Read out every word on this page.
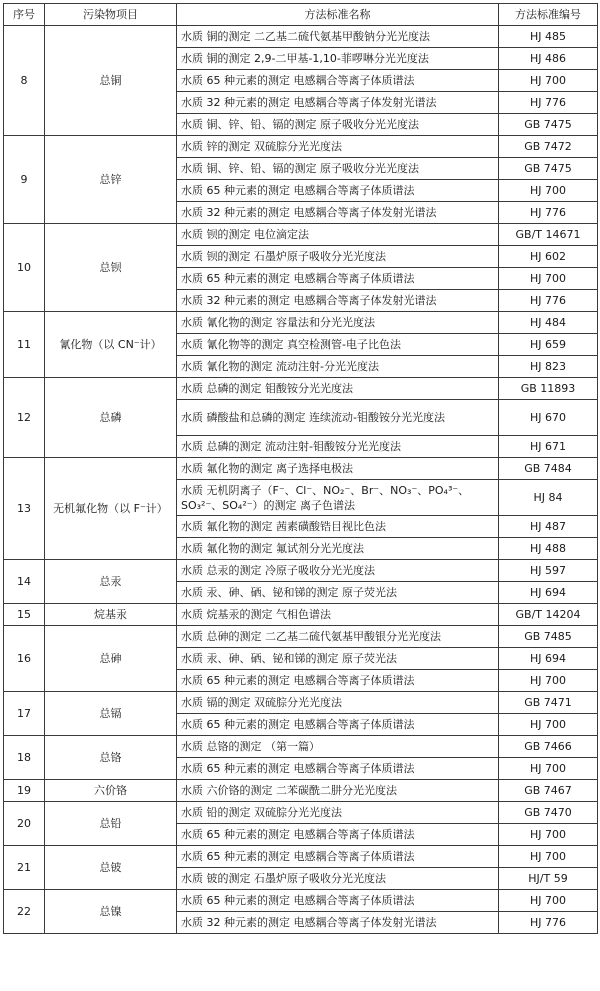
序号	污染物项目	方法标准名称	方法标准编号
8	总铜	水质 铜的测定 二乙基二硫代氨基甲酸钠分光光度法	HJ 485
		水质 铜的测定 2,9-二甲基-1,10-菲啰啉分光光度法	HJ 486
		水质 65 种元素的测定 电感耦合等离子体质谱法	HJ 700
		水质 32 种元素的测定 电感耦合等离子体发射光谱法	HJ 776
		水质 铜、锌、铅、镉的测定 原子吸收分光光度法	GB 7475
9	总锌	水质 锌的测定 双硫腙分光光度法	GB 7472
		水质 铜、锌、铅、镉的测定 原子吸收分光光度法	GB 7475
		水质 65 种元素的测定 电感耦合等离子体质谱法	HJ 700
		水质 32 种元素的测定 电感耦合等离子体发射光谱法	HJ 776
10	总钡	水质 钡的测定 电位滴定法	GB/T 14671
		水质 钡的测定 石墨炉原子吸收分光光度法	HJ 602
		水质 65 种元素的测定 电感耦合等离子体质谱法	HJ 700
		水质 32 种元素的测定 电感耦合等离子体发射光谱法	HJ 776
11	氰化物（以 CN⁻计）	水质 氰化物的测定 容量法和分光光度法	HJ 484
		水质 氰化物等的测定 真空检测管-电子比色法	HJ 659
		水质 氰化物的测定 流动注射-分光光度法	HJ 823
12	总磷	水质 总磷的测定 钼酸铵分光光度法	GB 11893
		水质 磷酸盐和总磷的测定 连续流动-钼酸铵分光光度法	HJ 670
		水质 总磷的测定 流动注射-钼酸铵分光光度法	HJ 671
13	无机氟化物（以 F⁻计）	水质 氟化物的测定 离子选择电极法	GB 7484
		水质 无机阴离子（F⁻、Cl⁻、NO₂⁻、Br⁻、NO₃⁻、PO₄³⁻、SO₃²⁻、SO₄²⁻）的测定 离子色谱法	HJ 84
		水质 氟化物的测定 茜素磺酸锆目视比色法	HJ 487
		水质 氟化物的测定 氟试剂分光光度法	HJ 488
14	总汞	水质 总汞的测定 冷原子吸收分光光度法	HJ 597
		水质 汞、砷、硒、铋和锑的测定 原子荧光法	HJ 694
15	烷基汞	水质 烷基汞的测定 气相色谱法	GB/T 14204
16	总砷	水质 总砷的测定 二乙基二硫代氨基甲酸银分光光度法	GB 7485
		水质 汞、砷、硒、铋和锑的测定 原子荧光法	HJ 694
		水质 65 种元素的测定 电感耦合等离子体质谱法	HJ 700
17	总镉	水质 镉的测定 双硫腙分光光度法	GB 7471
		水质 65 种元素的测定 电感耦合等离子体质谱法	HJ 700
18	总铬	水质 总铬的测定 （第一篇）	GB 7466
		水质 65 种元素的测定 电感耦合等离子体质谱法	HJ 700
19	六价铬	水质 六价铬的测定 二苯碳酰二肼分光光度法	GB 7467
20	总铅	水质 铅的测定 双硫腙分光光度法	GB 7470
		水质 65 种元素的测定 电感耦合等离子体质谱法	HJ 700
21	总铍	水质 65 种元素的测定 电感耦合等离子体质谱法	HJ 700
		水质 铍的测定 石墨炉原子吸收分光光度法	HJ/T 59
22	总镍	水质 65 种元素的测定 电感耦合等离子体质谱法	HJ 700
		水质 32 种元素的测定 电感耦合等离子体发射光谱法	HJ 776
